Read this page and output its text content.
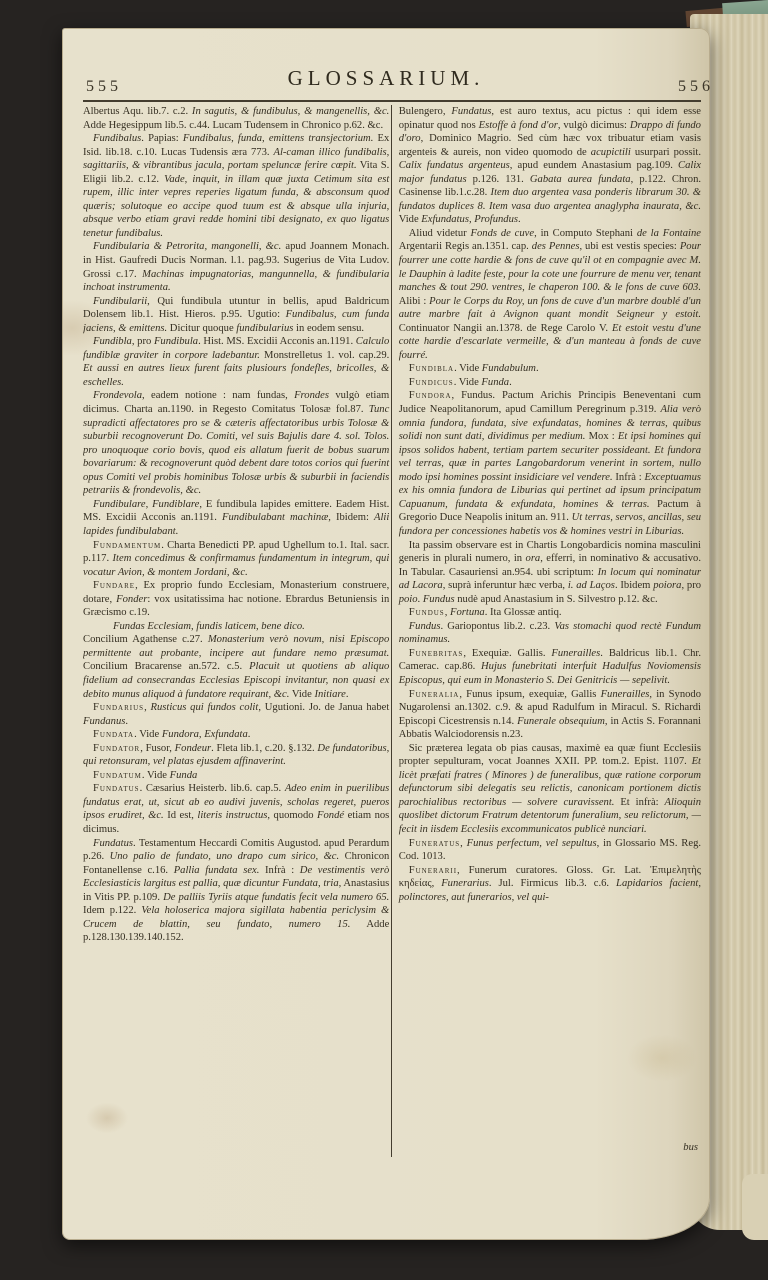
555	GLOSSARIUM.	556

Albertus Aqu. lib.7. c.2. In sagutis, & fundibulus, & mangenellis, &c. Adde Hegesippum lib.5. c.44. Lucam Tudensem in Chronico p.62. &c.

Fundibalus. Papias: Fundibalus, funda, emittens transjectorium. Ex Isid. lib.18. c.10. Lucas Tudensis æra 773. Al-caman illico fundibalis, sagittariis, & vibrantibus jacula, portam speluncæ ferire cœpit. Vita S. Eligii lib.2. c.12. Vade, inquit, in illam quæ juxta Cetimum sita est rupem, illic inter vepres reperies ligatum funda, & absconsum quod quæris; solutoque eo accipe quod tuum est & absque ulla injuria, absque verbo etiam gravi redde homini tibi designato, ex quo ligatus tenetur fundibalus.

Fundibularia & Petrorita, mangonelli, &c. apud Joannem Monach. in Hist. Gaufredi Ducis Norman. l.1. pag.93. Sugerius de Vita Ludov. Grossi c.17. Machinas impugnatorias, mangunnella, & fundibularia inchoat instrumenta.

Fundibularii, Qui fundibula utuntur in bellis, apud Baldricum Dolensem lib.1. Hist. Hieros. p.95. Ugutio: Fundibalus, cum funda jaciens, & emittens. Dicitur quoque fundibularius in eodem sensu.

Fundibla, pro Fundibula. Hist. MS. Excidii Acconis an.1191. Calculo fundiblæ graviter in corpore ladebantur. Monstrelletus 1. vol. cap.29. Et aussi en autres lieux furent faits plusiours fondefles, bricolles, & eschelles.

Frondevola, eadem notione : nam fundas, Frondes vulgò etiam dicimus. Charta an.1190. in Regesto Comitatus Tolosæ fol.87. Tunc supradicti affectatores pro se & cæteris affectatoribus urbis Tolosæ & suburbii recognoverunt Do. Comiti, vel suis Bajulis dare 4. sol. Tolos. pro unoquoque corio bovis, quod eis allatum fuerit de bobus suarum bovariarum: & recognoverunt quòd debent dare totos corios qui fuerint opus Comiti vel probis hominibus Tolosæ urbis & suburbii in faciendis petrariis & frondevolis, &c.

Fundibulare, Fundiblare, E fundibula lapides emittere. Eadem Hist. MS. Excidii Acconis an.1191. Fundibulabant machinæ, Ibidem: Alii lapides fundibulabant.

Fundamentum. Charta Benedicti PP. apud Ughellum to.1. Ital. sacr. p.117. Item concedimus & confirmamus fundamentum in integrum, qui vocatur Avion, & montem Jordani, &c.

Fundare, Ex proprio fundo Ecclesiam, Monasterium construere, dotare, Fonder: vox usitatissima hac notione. Ebrardus Betuniensis in Græcismo c.19.

Fundas Ecclesiam, fundis laticem, bene dico.

Concilium Agathense c.27. Monasterium verò novum, nisi Episcopo permittente aut probante, incipere aut fundare nemo præsumat. Concilium Bracarense an.572. c.5. Placuit ut quotiens ab aliquo fidelium ad consecrandas Ecclesias Episcopi invitantur, non quasi ex debito munus aliquod à fundatore requirant, &c. Vide Initiare.

Fundarius, Rusticus qui fundos colit, Ugutioni. Jo. de Janua habet Fundanus.

Fundata. Vide Fundora, Exfundata.

Fundator, Fusor, Fondeur. Fleta lib.1, c.20. §.132. De fundatoribus, qui retonsuram, vel platas ejusdem affinaverint.

Fundatum. Vide Funda

Fundatus. Cæsarius Heisterb. lib.6. cap.5. Adeo enim in puerilibus fundatus erat, ut, sicut ab eo audivi juvenis, scholas regeret, pueros ipsos erudiret, &c. Id est, literis instructus, quomodo Fondé etiam nos dicimus.

Fundatus. Testamentum Heccardi Comitis Augustod. apud Perardum p.26. Uno palio de fundato, uno drapo cum sirico, &c. Chronicon Fontanellense c.16. Pallia fundata sex. Infrà : De vestimentis verò Ecclesiasticis largitus est pallia, quæ dicuntur Fundata, tria, Anastasius in Vitis PP. p.109. De palliis Tyriis atque fundatis fecit vela numero 65. Idem p.122. Vela holoserica majora sigillata habentia periclysim & Crucem de blattin, seu fundato, numero 15. Adde p.128.130.139.140.152.

Bulengero, Fundatus, est auro textus, acu pictus : qui idem esse opinatur quod nos Estoffe à fond d'or, vulgò dicimus: Drappo di fundo d'oro, Dominico Magrio. Sed cùm hæc vox tribuatur etiam vasis argenteis & aureis, non video quomodo de acupictili usurpari possit. Calix fundatus argenteus, apud eundem Anastasium pag.109. Calix major fundatus p.126. 131. Gabata aurea fundata, p.122. Chron. Casinense lib.1.c.28. Item duo argentea vasa ponderis librarum 30. & fundatos duplices 8. Item vasa duo argentea anaglypha inaurata, &c. Vide Exfundatus, Profundus.

Aliud videtur Fonds de cuve, in Computo Stephani de la Fontaine Argentarii Regis an.1351. cap. des Pennes, ubi est vestis species: Pour fourrer une cotte hardie & fons de cuve qu'il ot en compagnie avec M. le Dauphin à ladite feste, pour la cote une fourrure de menu ver, tenant manches & tout 290. ventres, le chaperon 100. & le fons de cuve 603. Alibi : Pour le Corps du Roy, un fons de cuve d'un marbre doublé d'un autre marbre fait à Avignon quant mondit Seigneur y estoit. Continuator Nangii an.1378. de Rege Carolo V. Et estoit vestu d'une cotte hardie d'escarlate vermeille, & d'un manteau à fonds de cuve fourré.

Fundibla. Vide Fundabulum.

Fundicus. Vide Funda.

Fundora, Fundus. Pactum Arichis Principis Beneventani cum Judice Neapolitanorum, apud Camillum Peregrinum p.319. Alia verò omnia fundora, fundata, sive exfundatas, homines & terras, quibus solidi non sunt dati, dividimus per medium. Mox : Et ipsi homines qui ipsos solidos habent, tertiam partem securiter possideant. Et fundora vel terras, quæ in partes Langobardorum venerint in sortem, nullo modo ipsi homines possint insidiciare vel vendere. Infrà : Exceptuamus ex his omnia fundora de Liburias qui pertinet ad ipsum principatum Capuanum, fundata & exfundata, homines & terras. Pactum à Gregorio Duce Neapolis initum an. 911. Ut terras, servos, ancillas, seu fundora per concessiones habetis vos & homines vestri in Liburias.

Ita passim observare est in Chartis Longobardicis nomina masculini generis in plurali numero, in ora, efferri, in nominativo & accusativo. In Tabular. Casauriensi an.954. ubi scriptum: In locum qui nominatur ad Lacora, suprà inferuntur hæc verba, i. ad Laços. Ibidem poiora, pro poio. Fundus nudè apud Anastasium in S. Silvestro p.12. &c.

Fundus, Fortuna. Ita Glossæ antiq.

Fundus. Gariopontus lib.2. c.23. Vas stomachi quod rectè Fundum nominamus.

Funebritas, Exequiæ. Gallis. Funerailles. Baldricus lib.1. Chr. Camerac. cap.86. Hujus funebritati interfuit Hadulfus Noviomensis Episcopus, qui eum in Monasterio S. Dei Genitricis — sepelivit.

Funeralia, Funus ipsum, exequiæ, Gallis Funerailles, in Synodo Nugarolensi an.1302. c.9. & apud Radulfum in Miracul. S. Richardi Episcopi Cicestrensis n.14. Funerale obsequium, in Actis S. Forannani Abbatis Walciodorensis n.23.

Sic præterea legata ob pias causas, maximè ea quæ fiunt Ecclesiis propter sepulturam, vocat Joannes XXII. PP. tom.2. Epist. 1107. Et licèt præfati fratres ( Minores ) de funeralibus, quæ ratione corporum defunctorum sibi delegatis seu relictis, canonicam portionem dictis parochialibus rectoribus — solvere curavissent. Et infrà: Alioquin quoslibet dictorum Fratrum detentorum funeralium, seu relictorum, — fecit in iisdem Ecclesiis excommunicatos publicè nunciari.

Funeratus, Funus perfectum, vel sepultus, in Glossario MS. Reg. Cod. 1013.

Funerarii, Funerum curatores. Gloss. Gr. Lat. Ἐπιμελητὴς κηδείας, Funerarius. Jul. Firmicus lib.3. c.6. Lapidarios facient, polinctores, aut funerarios, vel qui-

bus
